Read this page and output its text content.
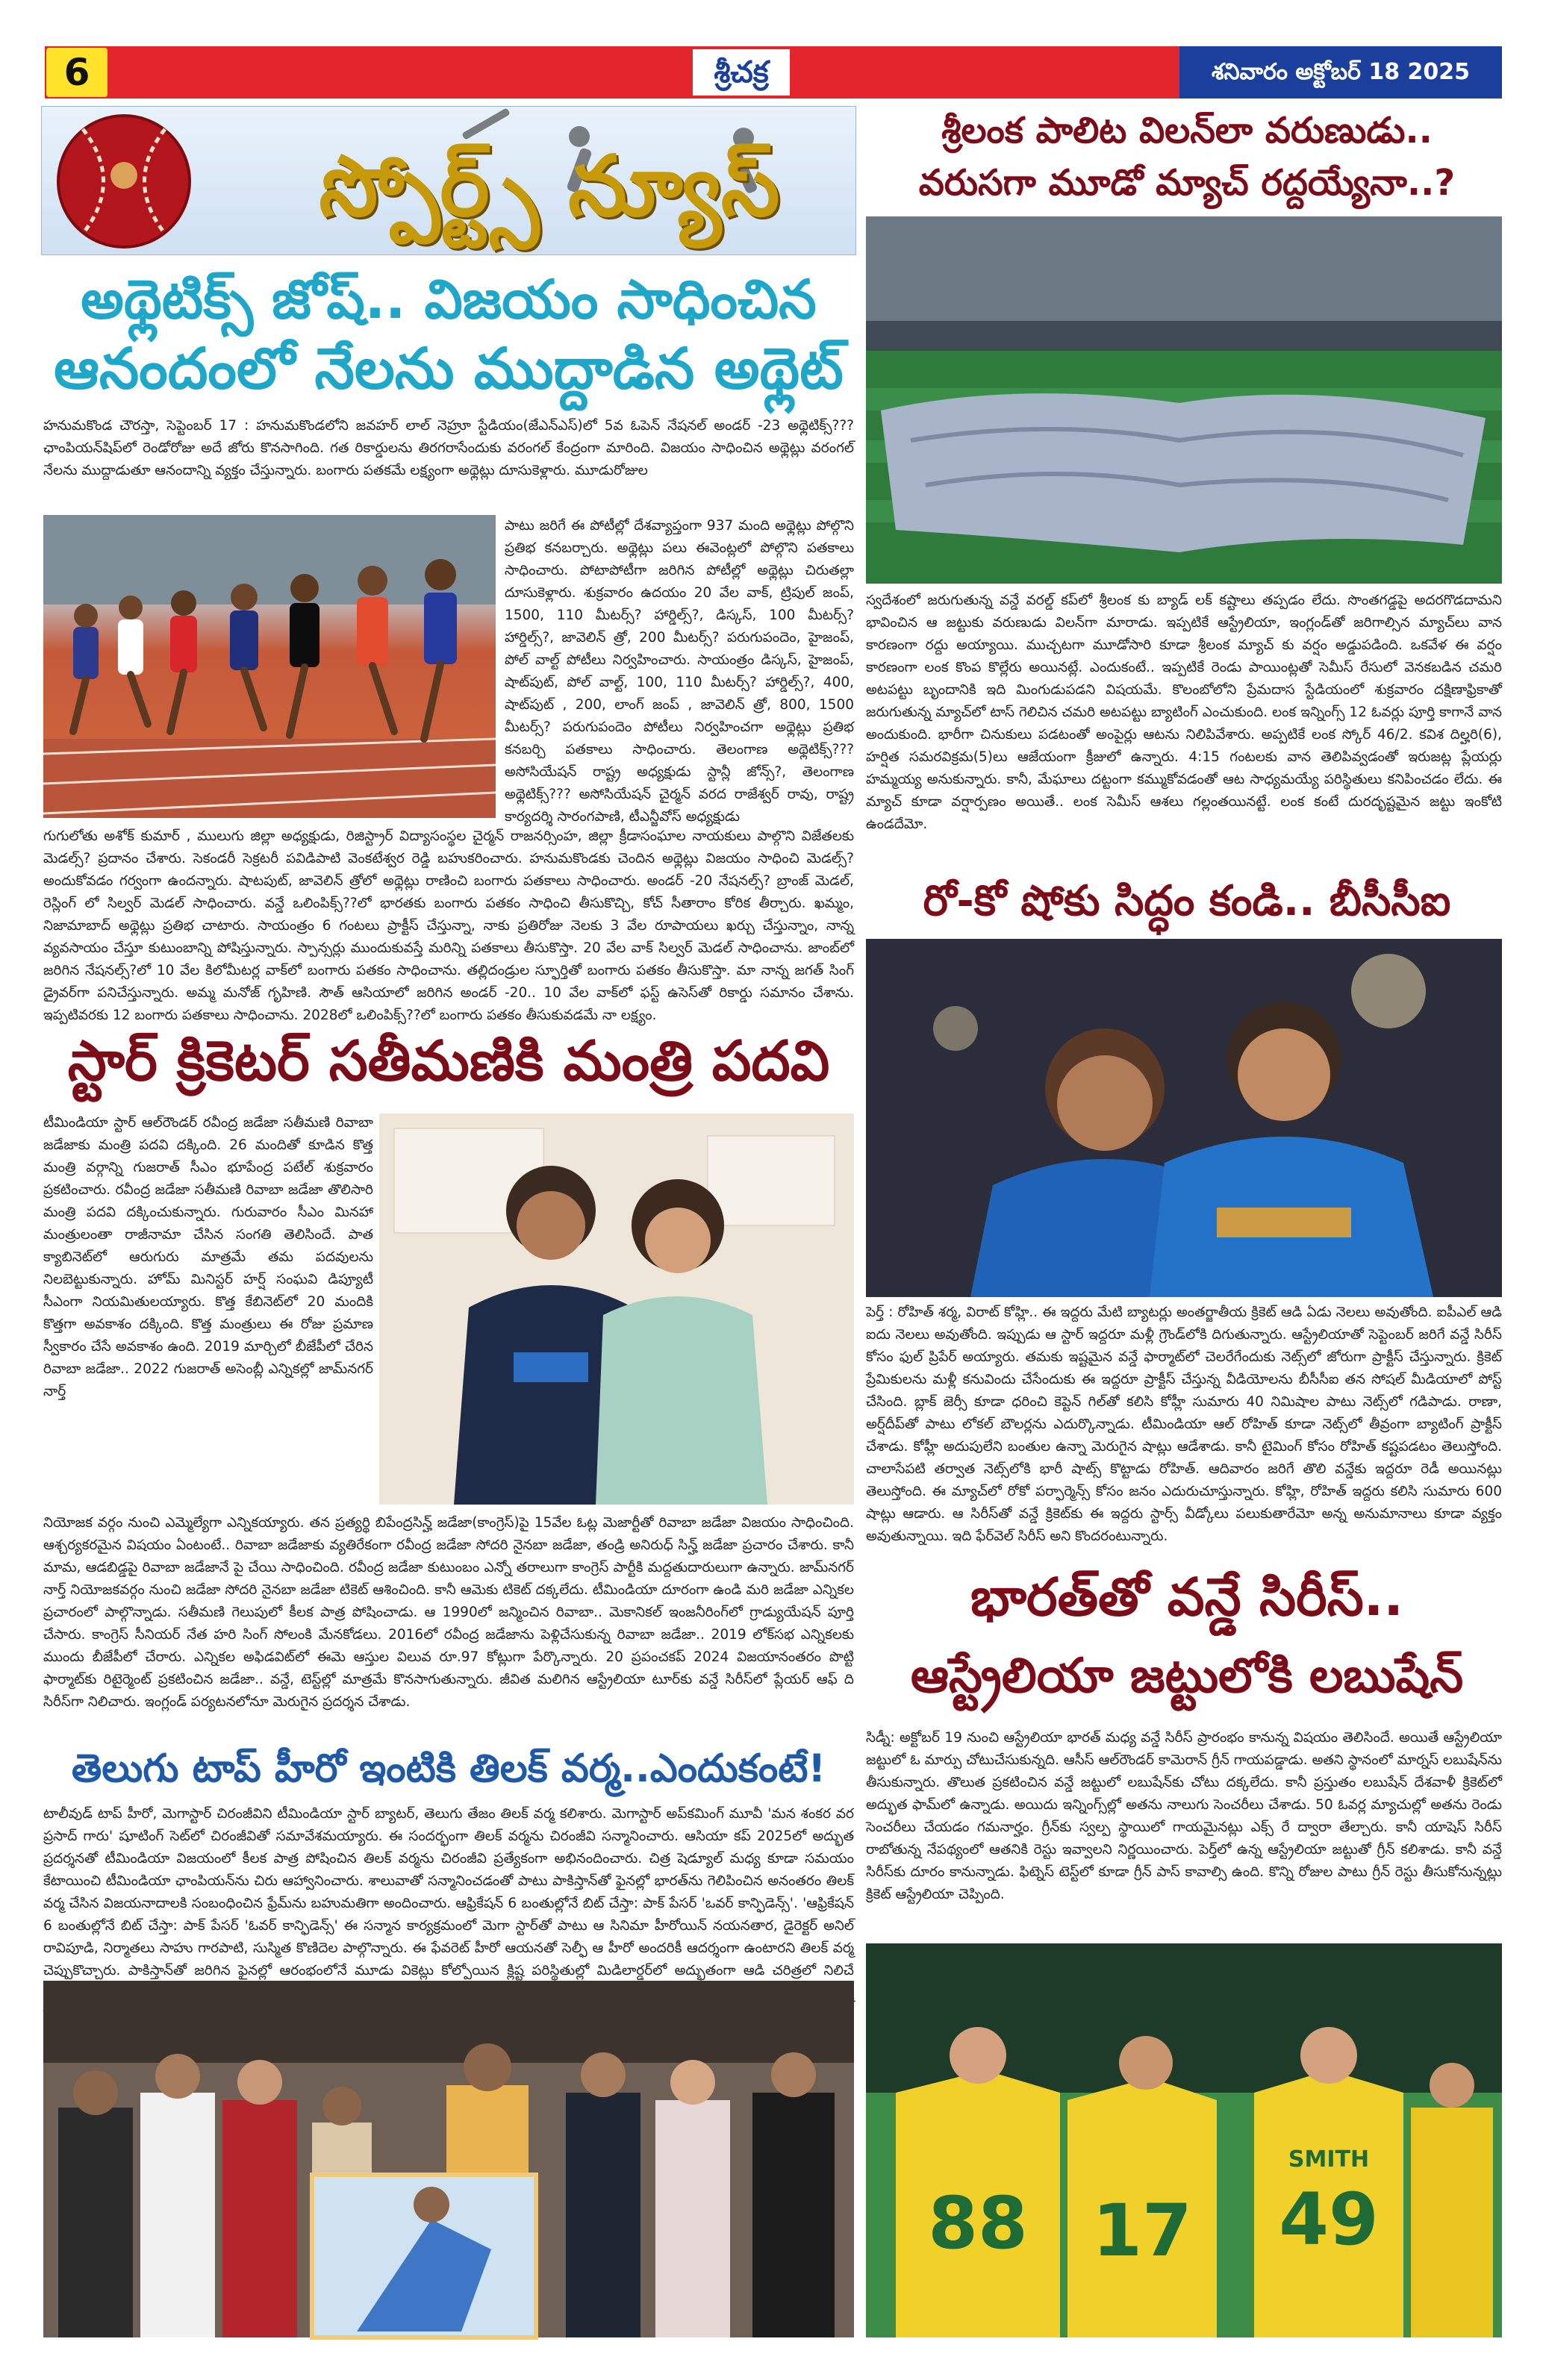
6	శ్రీచక్ర	శనివారం అక్టోబర్ 18 2025
స్పోర్ట్స్ న్యూస్
అథ్లెటిక్స్ జోష్.. విజయం సాధించిన
ఆనందంలో నేలను ముద్దాడిన అథ్లెట్
హనుమకొండ చౌరస్తా, సెప్టెంబర్ 17 : హనుమకొండలోని జవహర్ లాల్ నెహ్రూ స్టేడియం(జేఎన్ఎస్)లో 5వ ఓపెన్ నేషనల్ అండర్ -23 అథ్లెటిక్స్??? ఛాంపియన్‌షిప్‌లో రెండోరోజు అదే జోరు కొనసాగింది. గత రికార్డులను తిరగరాసేందుకు వరంగల్ కేంద్రంగా మారింది. విజయం సాధించిన అథ్లెట్లు వరంగల్ నేలను ముద్దాడుతూ ఆనందాన్ని వ్యక్తం చేస్తున్నారు. బంగారు పతకమే లక్ష్యంగా అథ్లెట్లు దూసుకెళ్లారు. మూడురోజుల
పాటు జరిగే ఈ పోటీల్లో దేశవ్యాప్తంగా 937 మంది అథ్లెట్లు పోల్గొని ప్రతిభ కనబర్చారు. అథ్లెట్లు పలు ఈవెంట్లలో పోల్గొని పతకాలు సాధించారు. పోటాపోటీగా జరిగిన పోటీల్లో అథ్లెట్లు చిరుతల్లా దూసుకెళ్లారు. శుక్రవారం ఉదయం 20 వేల వాక్, ట్రిపుల్ జంప్, 1500, 110 మీటర్స్? హార్డిల్స్?, డిస్కస్, 100 మీటర్స్? హార్డిల్స్?, జావెలిన్ త్రో, 200 మీటర్స్? పరుగుపందెం, హైజంప్, పోల్ వాల్ట్ పోటీలు నిర్వహించారు. సాయంత్రం డిస్కస్, హైజంప్, షాట్‌పుట్, పోల్ వాల్ట్, 100, 110 మీటర్స్? హార్డిల్స్?, 400, షాట్‌పుట్ , 200, లాంగ్ జంప్ , జావెలిన్ త్రో, 800, 1500 మీటర్స్? పరుగుపందెం పోటీలు నిర్వహించగా అథ్లెట్లు ప్రతిభ కనబర్చి పతకాలు సాధించారు. తెలంగాణ అథ్లెటిక్స్??? అసోసియేషన్ రాష్ట్ర అధ్యక్షుడు స్టాన్లీ జోన్స్?, తెలంగాణ అథ్లెటిక్స్??? అసోసియేషన్ చైర్మన్ వరద రాజేశ్వర్ రావు, రాష్ట్ర కార్యదర్శి సారంగపాణి, టీఎన్జీవోస్ అధ్యక్షుడు
గుగులోతు అశోక్ కుమార్ , ములుగు జిల్లా అధ్యక్షుడు, రిజిస్ట్రార్ విద్యాసంస్థల చైర్మన్ రాజనర్సింహ, జిల్లా క్రీడాసంఘాల నాయకులు పాల్గొని విజేతలకు మెడల్స్? ప్రదానం చేశారు. సెకండరీ సెక్రటరీ పవిడిపాటి వెంకటేశ్వర రెడ్డి బహుకరించారు. హనుమకొండకు చెందిన అథ్లెట్లు విజయం సాధించి మెడల్స్? అందుకోవడం గర్వంగా ఉందన్నారు. షాటపుట్, జావెలిన్ త్రోలో అథ్లెట్లు రాణించి బంగారు పతకాలు సాధించారు. అండర్ -20 నేషనల్స్? బ్రాంజ్ మెడల్, రెస్లింగ్ లో సిల్వర్ మెడల్ సాధించారు. వన్డే ఒలింపిక్స్??లో భారతకు బంగారు పతకం సాధించి తీసుకొచ్చి, కోచ్ సీతారాం కోరిక తీర్చారు. ఖమ్మం, నిజామాబాద్ అథ్లెట్లు ప్రతిభ చాటారు. సాయంత్రం 6 గంటలు ప్రాక్టీస్ చేస్తున్నా, నాకు ప్రతిరోజు నెలకు 3 వేల రూపాయలు ఖర్చు చేస్తున్నాం, నాన్న వ్యవసాయం చేస్తూ కుటుంబాన్ని పోషిస్తున్నారు. స్పాన్సర్లు ముందుకువస్తే మరిన్ని పతకాలు తీసుకొస్తా. 20 వేల వాక్ సిల్వర్ మెడల్ సాధించాను. జాంబ్‌లో జరిగిన నేషనల్స్?లో 10 వేల కిలోమీటర్ల వాక్‌లో బంగారు పతకం సాధించాను. తల్లిదండ్రుల స్ఫూర్తితో బంగారు పతకం తీసుకొస్తా. మా నాన్న జగత్ సింగ్ డ్రైవర్‌గా పనిచేస్తున్నారు. అమ్మ మనోజ్ గృహిణి. సౌత్ ఆసియాలో జరిగిన అండర్ -20.. 10 వేల వాక్‌లో ఫస్ట్ ఉసెస్‌తో రికార్డు సమానం చేశాను. ఇప్పటివరకు 12 బంగారు పతకాలు సాధించాను. 2028లో ఒలింపిక్స్??లో బంగారు పతకం తీసుకువడమే నా లక్ష్యం.
స్టార్ క్రికెటర్ సతీమణికి మంత్రి పదవి
టీమిండియా స్టార్ ఆల్‌రౌండర్ రవీంద్ర జడేజా సతీమణి రివాబా జడేజాకు మంత్రి పదవి దక్కింది. 26 మందితో కూడిన కొత్త మంత్రి వర్గాన్ని గుజరాత్ సీఎం భూపేంద్ర పటేల్ శుక్రవారం ప్రకటించారు. రవీంద్ర జడేజా సతీమణి రివాబా జడేజా తొలిసారి మంత్రి పదవి దక్కించుకున్నారు. గురువారం సీఎం మినహా మంత్రులంతా రాజీనామా చేసిన సంగతి తెలిసిందే. పాత క్యాబినెట్‌లో ఆరుగురు మాత్రమే తమ పదవులను నిలబెట్టుకున్నారు. హోమ్ మినిస్టర్ హర్ష్ సంఘవి డిప్యూటీ సీఎంగా నియమితులయ్యారు. కొత్త కేబినెట్‌లో 20 మందికి కొత్తగా అవకాశం దక్కింది. కొత్త మంత్రులు ఈ రోజు ప్రమాణ స్వీకారం చేసే అవకాశం ఉంది. 2019 మార్చిలో బీజేపీలో చేరిన రివాబా జడేజా.. 2022 గుజరాత్ అసెంబ్లీ ఎన్నికల్లో జామ్‌నగర్ నార్త్
నియోజక వర్గం నుంచి ఎమ్మెల్యేగా ఎన్నికయ్యారు. తన ప్రత్యర్థి బిపేంద్రసిన్హ్ జడేజా(కాంగ్రెస్)పై 15వేల ఓట్ల మెజార్టీతో రివాబా జడేజా విజయం సాధించింది. ఆశ్చర్యకరమైన విషయం ఏంటంటే.. రివాబా జడేజాకు వ్యతిరేకంగా రవీంద్ర జడేజా సోదరి నైనబా జడేజా, తండ్రి అనిరుధ్ సిన్హ్ జడేజా ప్రచారం చేశారు. కానీ మామ, ఆడబిడ్డపై రివాబా జడేజానే పై చేయి సాధించింది. రవీంద్ర జడేజా కుటుంబం ఎన్నో తరాలుగా కాంగ్రెస్ పార్టీకి మద్దతుదారులుగా ఉన్నారు. జామ్‌నగర్ నార్త్ నియోజకవర్గం నుంచి జడేజా సోదరి నైనబా జడేజా టికెట్ ఆశించింది. కానీ ఆమెకు టికెట్ దక్కలేదు. టీమిండియా దూరంగా ఉండి మరి జడేజా ఎన్నికల ప్రచారంలో పాల్గొన్నాడు. సతీమణి గెలుపులో కీలక పాత్ర పోషించాడు. ఆ 1990లో జన్మించిన రివాబా.. మెకానికల్ ఇంజనీరింగ్‌లో గ్రాడ్యుయేషన్ పూర్తి చేసారు. కాంగ్రెస్ సీనియర్ నేత హరి సింగ్ సోలంకి మేనకోడలు. 2016లో రవీంద్ర జడేజాను పెళ్లిచేసుకున్న రివాబా జడేజా.. 2019 లోక్‌సభ ఎన్నికలకు ముందు బీజేపీలో చేరారు. ఎన్నికల అఫిడవిట్‌లో ఈమె ఆస్తుల విలువ రూ.97 కోట్లుగా పేర్కొన్నారు. 20 ప్రపంచకప్ 2024 విజయానంతరం పొట్టి ఫార్మాట్‌కు రిటైర్మెంట్ ప్రకటించిన జడేజా.. వన్డే, టెస్ట్‌ల్లో మాత్రమే కొనసాగుతున్నారు. జీవిత మలిగిన ఆస్ట్రేలియా టూర్‌కు వన్డే సిరీస్‌లో ప్లేయర్ ఆఫ్ ది సిరీస్‌గా నిలిచారు. ఇంగ్లండ్ పర్యటనలోనూ మెరుగైన ప్రదర్శన చేశాడు.
తెలుగు టాప్ హీరో ఇంటికి తిలక్ వర్మ..ఎందుకంటే!
టాలీవుడ్ టాప్ హీరో, మెగాస్టార్ చిరంజీవిని టీమిండియా స్టార్ బ్యాటర్, తెలుగు తేజం తిలక్ వర్మ కలిశారు. మెగాస్టార్ అప్‌కమింగ్ మూవీ 'మన శంకర వర ప్రసాద్ గారు' షూటింగ్ సెట్‌లో చిరంజీవితో సమావేశమయ్యారు. ఈ సందర్భంగా తిలక్ వర్మను చిరంజీవి సన్మానించారు. ఆసియా కప్ 2025లో అద్భుత ప్రదర్శనతో టీమిండియా విజయంలో కీలక పాత్ర పోషించిన తిలక్ వర్మను చిరంజీవి ప్రత్యేకంగా అభినందించారు. చిత్ర షెడ్యూల్ మధ్య కూడా సమయం కేటాయించి టీమిండియా ఛాంపియన్‌ను చిరు ఆహ్వానించారు. శాలువాతో సన్మానించడంతో పాటు పాకిస్తాన్‌తో ఫైనల్లో భారత్‌ను గెలిపించిన అనంతరం తిలక్ వర్మ చేసిన విజయనాదాలకి సంబంధించిన ఫ్రేమ్‌ను బహుమతిగా అందించారు. ఆఫ్రికేషన్ 6 బంతుల్లోనే బిట్ చేస్తా: పాక్ పేసర్ 'ఒవర్ కాన్ఫిడెన్స్'. 'ఆఫ్రికేషన్ 6 బంతుల్లోనే బిట్ చేస్తా: పాక్ పేసర్ 'ఓవర్ కాన్ఫిడెన్స్' ఈ సన్మాన కార్యక్రమంలో మెగా స్టార్‌తో పాటు ఆ సినిమా హీరోయిన్ నయనతార, డైరెక్టర్ అనిల్ రావిపూడి, నిర్మాతలు సాహు గారపాటి, సుస్మిత కొణిదెల పాల్గొన్నారు. ఈ ఫేవరెట్ హీరో ఆయనతో సెల్ఫీ ఆ హీరో అందరికీ ఆదర్శంగా ఉంటారని తిలక్ వర్మ చెప్పుకొచ్చారు. పాకిస్తాన్‌తో జరిగిన ఫైనల్లో ఆరంభంలోనే మూడు వికెట్లు కోల్పోయిన క్లిష్ట పరిస్థితుల్లో మిడిలార్డర్‌లో అద్భుతంగా ఆడి చరిత్రలో నిలిచే
శ్రీలంక పాలిట విలన్‌లా వరుణుడు..
వరుసగా మూడో మ్యాచ్ రద్దయ్యేనా..?
స్వదేశంలో జరుగుతున్న వన్డే వరల్డ్ కప్‌లో శ్రీలంక కు బ్యాడ్ లక్ కష్టాలు తప్పడం లేదు. సొంతగడ్డపై అదరగొడదామని భావించిన ఆ జట్టుకు వరుణుడు విలన్‌గా మారాడు. ఇప్పటికే ఆస్ట్రేలియా, ఇంగ్లండ్‌తో జరిగాల్సిన మ్యాచ్‌లు వాన కారణంగా రద్దు అయ్యాయి. ముచ్చటగా మూడోసారి కూడా శ్రీలంక మ్యాచ్ కు వర్షం అడ్డుపడింది. ఒకవేళ ఈ వర్షం కారణంగా లంక కొంప కొల్లేరు అయినట్లే. ఎందుకంటే.. ఇప్పటికే రెండు పాయింట్లతో సెమీస్ రేసులో వెనకబడిన చమరి అటపట్టు బృందానికి ఇది మింగుడుపడని విషయమే. కొలంబోలోని ప్రేమదాస స్టేడియంలో శుక్రవారం దక్షిణాఫ్రికాతో జరుగుతున్న మ్యాచ్‌లో టాస్ గెలిచిన చమరి అటపట్టు బ్యాటింగ్ ఎంచుకుంది. లంక ఇన్నింగ్స్ 12 ఓవర్లు పూర్తి కాగానే వాన అందుకుంది. భారీగా చినుకులు పడటంతో అంపైర్లు ఆటను నిలిపివేశారు. అప్పటికే లంక స్కోర్ 46/2. కవిశ దిల్హరి(6), హర్షిత సమరవిక్రమ(5)లు ఆజేయంగా క్రీజులో ఉన్నారు. 4:15 గంటలకు వాన తెలిపివ్వడంతో ఇరుజట్ల ప్లేయర్లు హమ్మయ్య అనుకున్నారు. కానీ, మేఘాలు దట్టంగా కమ్ముకోవడంతో ఆట సాధ్యమయ్యే పరిస్థితులు కనిపించడం లేదు. ఈ మ్యాచ్ కూడా వర్షార్పణం అయితే.. లంక సెమీస్ ఆశలు గల్లంతయినట్టే. లంక కంటే దురదృష్టమైన జట్టు ఇంకోటి ఉండదేమో.
రో-కో షోకు సిద్ధం కండి.. బీసీసీఐ
పెర్త్ : రోహిత్ శర్మ, విరాట్ కోహ్లి.. ఈ ఇద్దరు మేటి బ్యాటర్లు అంతర్జాతీయ క్రికెట్ ఆడి ఏడు నెలలు అవుతోంది. ఐపీఎల్ ఆడి ఐదు నెలలు అవుతోంది. ఇప్పుడు ఆ స్టార్ ఇద్దరూ మళ్లీ గ్రౌండ్‌లోకి దిగుతున్నారు. ఆస్ట్రేలియాతో సెప్టెంబర్ జరిగే వన్డే సిరీస్ కోసం ఫుల్ ప్రిపేర్ అయ్యారు. తమకు ఇష్టమైన వన్డే ఫార్మాట్‌లో చెలరేగేందుకు నెట్స్‌లో జోరుగా ప్రాక్టీస్ చేస్తున్నారు. క్రికెట్ ప్రేమికులను మళ్లీ కనువిందు చేసేందుకు ఈ ఇద్దరూ ప్రాక్టీస్ చేస్తున్న వీడియోలను బీసీసీఐ తన సోషల్ మీడియాలో పోస్ట్ చేసింది. బ్లాక్ జెర్సీ కూడా ధరించి కెప్టెన్ గిల్‌తో కలిసి కోహ్లీ సుమారు 40 నిమిషాల పాటు నెట్స్‌లో గడిపాడు. రాణా, అర్ష్‌దీప్‌తో పాటు లోకల్ బౌలర్లను ఎదుర్కొన్నాడు. టీమిండియా ఆల్ రోహిత్ కూడా నెట్స్‌లో తీవ్రంగా బ్యాటింగ్ ప్రాక్టీస్ చేశాడు. కోహ్లీ అదుపులేని బంతుల ఉన్నా మెరుగైన షాట్లు ఆడేశాడు. కానీ టైమింగ్ కోసం రోహిత్ కష్టపడటం తెలుస్తోంది. చాలాసేపటి తర్వాత నెట్స్‌లోకి భారీ షాట్స్ కొట్టాడు రోహిత్. ఆదివారం జరిగే తొలి వన్డేకు ఇద్దరూ రెడీ అయినట్లు తెలుస్తోంది. ఈ మ్యాచ్‌లో రోకో పర్ఫార్మెన్స్ కోసం జనం ఎదురుచూస్తున్నారు. కోహ్లి, రోహిత్ ఇద్దరు కలిసి సుమారు 600 షాట్లు ఆడారు. ఆ సిరీస్‌తో వన్డే క్రికెట్‌కు ఈ ఇద్దరు స్టార్స్ వీడ్కోలు పలుకుతారేమో అన్న అనుమానాలు కూడా వ్యక్తం అవుతున్నాయి. ఇది ఫేర్‌వెల్ సిరీస్ అని కొందరంటున్నారు.
భారత్‌తో వన్డే సిరీస్..
ఆస్ట్రేలియా జట్టులోకి లబుషేన్
సిడ్నీ: అక్టోబర్ 19 నుంచి ఆస్ట్రేలియా భారత్ మధ్య వన్డే సిరీస్ ప్రారంభం కానున్న విషయం తెలిసిందే. అయితే ఆస్ట్రేలియా జట్టులో ఓ మార్పు చోటుచేసుకున్నది. ఆసీస్ ఆల్‌రౌండర్ కామెరాన్ గ్రీన్ గాయపడ్డాడు. అతని స్థానంలో మార్నస్ లబుషేన్‌ను తీసుకున్నారు. తొలుత ప్రకటించిన వన్డే జట్టులో లబుషేన్‌కు చోటు దక్కలేదు. కానీ ప్రస్తుతం లబుషేన్ దేశవాళీ క్రికెట్‌లో అద్భుత ఫామ్‌లో ఉన్నాడు. అయిదు ఇన్నింగ్స్‌ల్లో అతను నాలుగు సెంచరీలు చేశాడు. 50 ఓవర్ల మ్యాచుల్లో అతను రెండు సెంచరీలు చేయడం గమనార్హం. గ్రీన్‌కు స్వల్ప స్థాయిలో గాయమైనట్లు ఎక్స్ రే ద్వారా తేల్చారు. కానీ యాషెస్ సిరీస్ రాబోతున్న నేపథ్యంలో ఆతనికి రెస్టు ఇవ్వాలని నిర్ణయించారు. పెర్త్‌లో ఉన్న ఆస్ట్రేలియా జట్టుతో గ్రీన్ కలిశాడు. కానీ వన్డే సిరీస్‌కు దూరం కానున్నాడు. ఫిట్నెస్ టెస్ట్‌లో కూడా గ్రీన్ పాస్ కావాల్సి ఉంది. కొన్ని రోజుల పాటు గ్రీన్ రెస్టు తీసుకోనున్నట్లు క్రికెట్ ఆస్ట్రేలియా చెప్పింది.
88 17
SMITH
49
